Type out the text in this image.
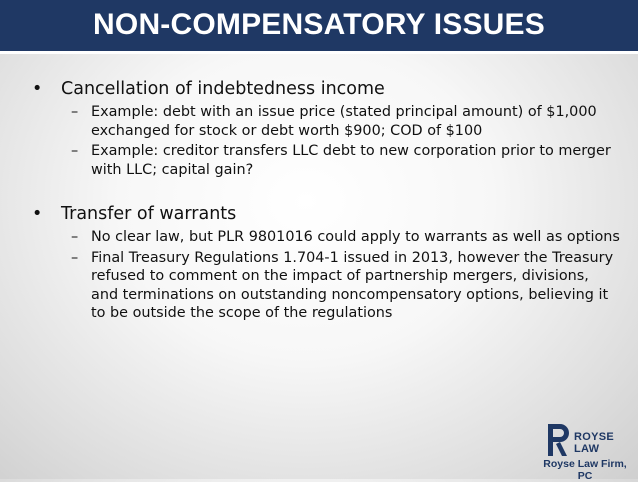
NON-COMPENSATORY ISSUES
• Cancellation of indebtedness income
– Example: debt with an issue price (stated principal amount) of $1,000 exchanged for stock or debt worth $900; COD of $100
– Example: creditor transfers LLC debt to new corporation prior to merger with LLC; capital gain?
• Transfer of warrants
– No clear law, but PLR 9801016 could apply to warrants as well as options
– Final Treasury Regulations 1.704-1 issued in 2013, however the Treasury refused to comment on the impact of partnership mergers, divisions, and terminations on outstanding noncompensatory options, believing it to be outside the scope of the regulations
ROYSE LAW
Royse Law Firm, PC
